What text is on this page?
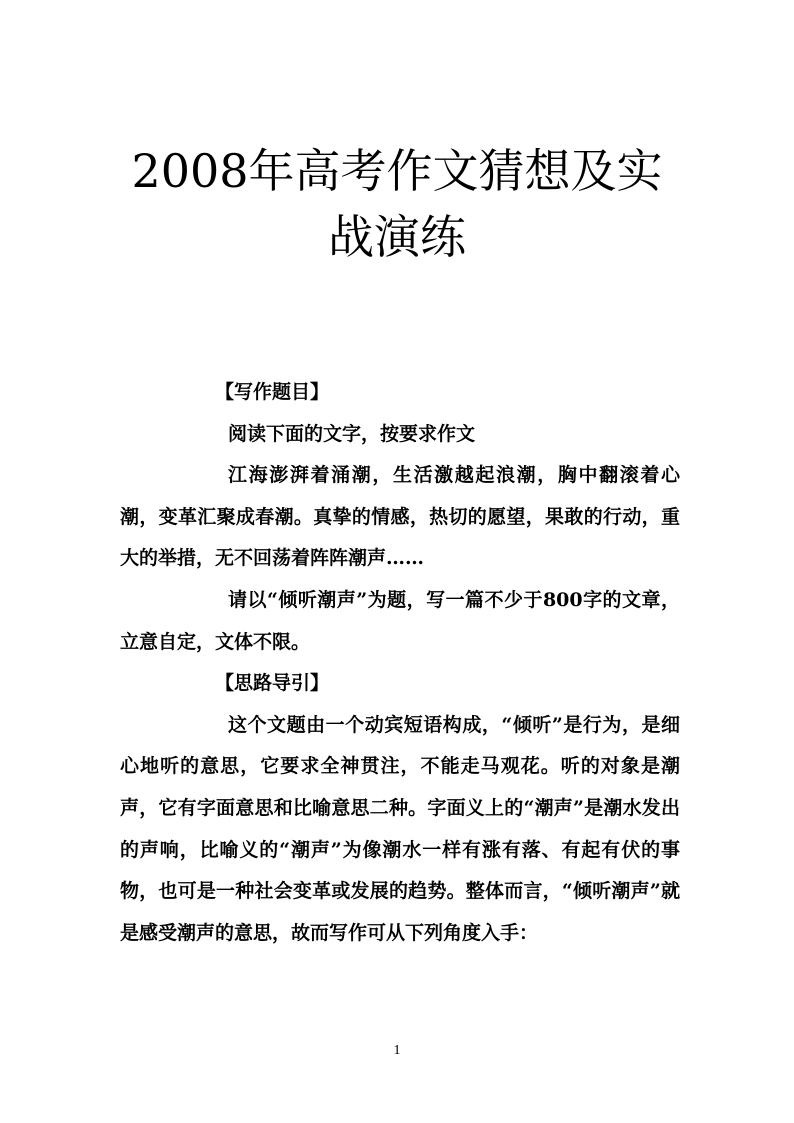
2008年高考作文猜想及实
战演练

【写作题目】

阅读下面的文字，按要求作文

江海澎湃着涌潮，生活激越起浪潮，胸中翻滚着心潮，变革汇聚成春潮。真挚的情感，热切的愿望，果敢的行动，重大的举措，无不回荡着阵阵潮声……

请以“倾听潮声”为题，写一篇不少于800字的文章，立意自定，文体不限。

【思路导引】

这个文题由一个动宾短语构成，“倾听”是行为，是细心地听的意思，它要求全神贯注，不能走马观花。听的对象是潮声，它有字面意思和比喻意思二种。字面义上的“潮声”是潮水发出的声响，比喻义的“潮声”为像潮水一样有涨有落、有起有伏的事物，也可是一种社会变革或发展的趋势。整体而言，“倾听潮声”就是感受潮声的意思，故而写作可从下列角度入手：

1
